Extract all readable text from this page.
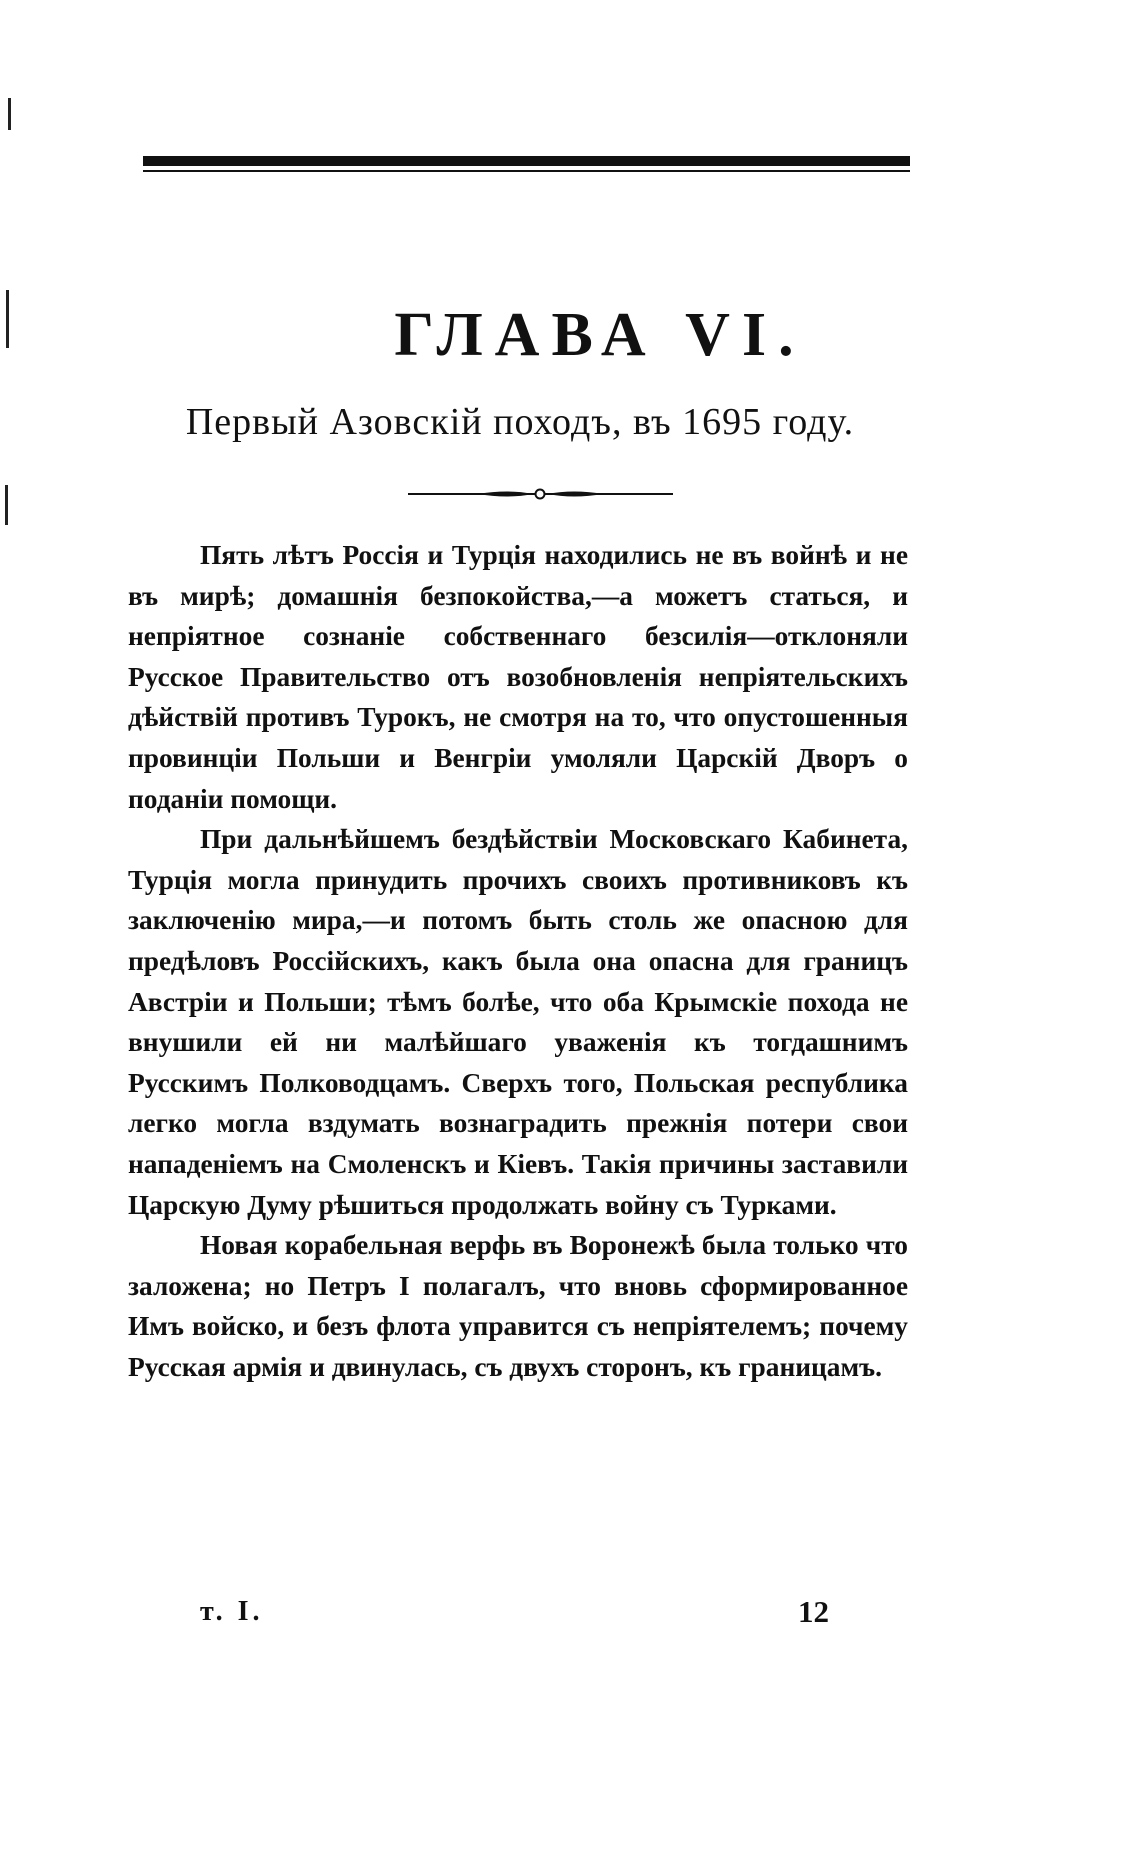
ГЛАВА VI.
Первый Азовскій походъ, въ 1695 году.

Пять лѣтъ Россія и Турція находились не въ войнѣ и не въ мирѣ; домашнія безпокойства,—а можетъ статься, и непріятное сознаніе собственнаго безсилія—отклоняли Русское Правительство отъ возобновленія непріятельскихъ дѣйствій противъ Турокъ, не смотря на то, что опустошенныя провинціи Польши и Венгріи умоляли Царскій Дворъ о поданіи помощи.

При дальнѣйшемъ бездѣйствіи Московскаго Кабинета, Турція могла принудить прочихъ своихъ противниковъ къ заключенію мира,—и потомъ быть столь же опасною для предѣловъ Россійскихъ, какъ была она опасна для границъ Австріи и Польши; тѣмъ болѣе, что оба Крымскіе похода не внушили ей ни малѣйшаго уваженія къ тогдашнимъ Русскимъ Полководцамъ. Сверхъ того, Польская республика легко могла вздумать вознаградить прежнія потери свои нападеніемъ на Смоленскъ и Кіевъ. Такія причины заставили Царскую Думу рѣшиться продолжать войну съ Турками.

Новая корабельная верфь въ Воронежѣ была только что заложена; но Петръ I полагалъ, что вновь сформированное Имъ войско, и безъ флота управится съ непріятелемъ; почему Русская армія и двинулась, съ двухъ сторонъ, къ границамъ.

т. I.	12
